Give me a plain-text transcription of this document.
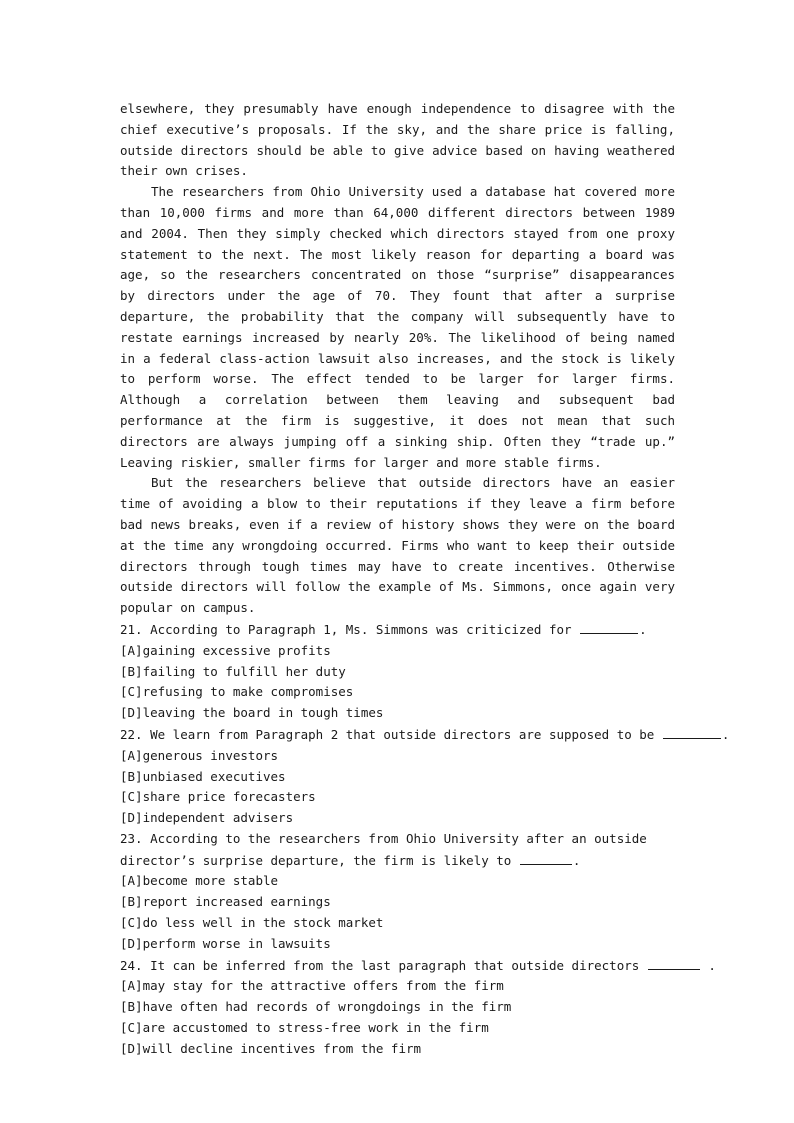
elsewhere, they presumably have enough independence to disagree with the chief executive’s proposals. If the sky, and the share price is falling, outside directors should be able to give advice based on having weathered their own crises.

The researchers from Ohio University used a database hat covered more than 10,000 firms and more than 64,000 different directors between 1989 and 2004. Then they simply checked which directors stayed from one proxy statement to the next. The most likely reason for departing a board was age, so the researchers concentrated on those “surprise” disappearances by directors under the age of 70. They fount that after a surprise departure, the probability that the company will subsequently have to restate earnings increased by nearly 20%. The likelihood of being named in a federal class-action lawsuit also increases, and the stock is likely to perform worse. The effect tended to be larger for larger firms. Although a correlation between them leaving and subsequent bad performance at the firm is suggestive, it does not mean that such directors are always jumping off a sinking ship. Often they “trade up.” Leaving riskier, smaller firms for larger and more stable firms.

But the researchers believe that outside directors have an easier time of avoiding a blow to their reputations if they leave a firm before bad news breaks, even if a review of history shows they were on the board at the time any wrongdoing occurred. Firms who want to keep their outside directors through tough times may have to create incentives. Otherwise outside directors will follow the example of Ms. Simmons, once again very popular on campus.

21. According to Paragraph 1, Ms. Simmons was criticized for	.

[A]gaining excessive profits
[B]failing to fulfill her duty
[C]refusing to make compromises
[D]leaving the board in tough times

22. We learn from Paragraph 2 that outside directors are supposed to be	.

[A]generous investors
[B]unbiased executives
[C]share price forecasters
[D]independent advisers

23. According to the researchers from Ohio University after an outside

director’s surprise departure, the firm is likely to	.

[A]become more stable
[B]report increased earnings
[C]do less well in the stock market
[D]perform worse in lawsuits

24. It can be inferred from the last paragraph that outside directors	.

[A]may stay for the attractive offers from the firm
[B]have often had records of wrongdoings in the firm
[C]are accustomed to stress-free work in the firm
[D]will decline incentives from the firm
